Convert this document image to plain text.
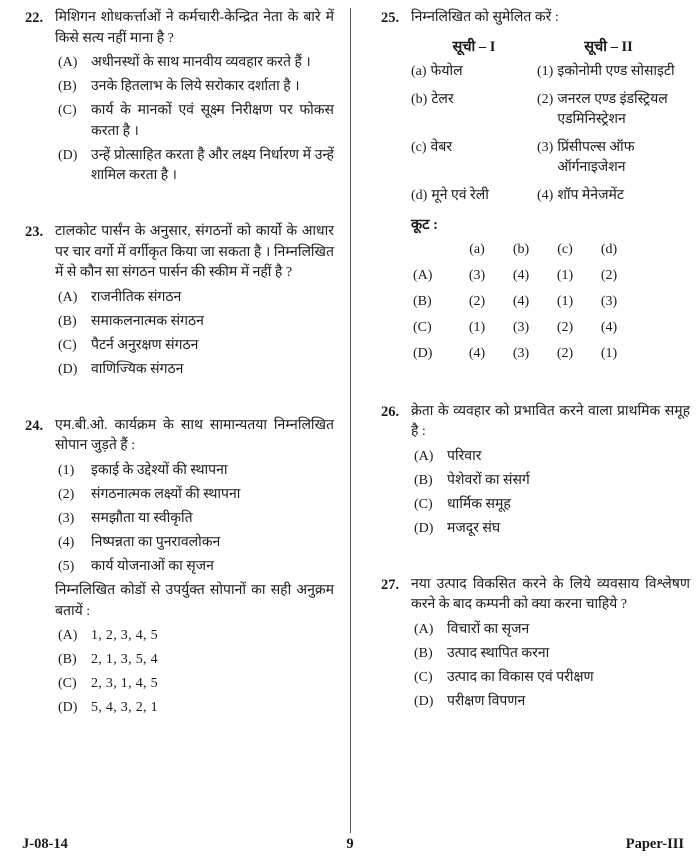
22. मिशिगन शोधकर्त्ताओं ने कर्मचारी-केन्द्रित नेता के बारे में किसे सत्य नहीं माना है ?

(A) अधीनस्थों के साथ मानवीय व्यवहार करते हैं ।
(B)	उनके हितलाभ के लिये सरोकार दर्शाता है ।
(C)	कार्य के मानकों एवं सूक्ष्म निरीक्षण पर फोकस करता है ।
(D) उन्हें प्रोत्साहित करता है और लक्ष्य निर्धारण में उन्हें शामिल करता है ।
23. टालकोट पार्संन के अनुसार, संगठनों को कार्यो के आधार पर चार वर्गो में वर्गीकृत किया जा सकता है । निम्नलिखित में से कौन सा संगठन पार्सन की स्कीम में नहीं है ?

(A) राजनीतिक संगठन
(B)	समाकलनात्मक संगठन
(C)	पैटर्न अनुरक्षण संगठन
(D) वाणिज्यिक संगठन
24. एम.बी.ओ. कार्यक्रम के साथ सामान्यतया निम्नलिखित सोपान जुड़ते हैं :

(1)	इकाई के उद्देश्यों की स्थापना
(2)	संगठनात्मक लक्ष्यों की स्थापना
(3)	समझौता या स्वीकृति
(4)	निष्पन्नता का पुनरावलोकन
(5)	कार्य योजनाओं का सृजन

निम्नलिखित कोडों से उपर्युक्त सोपानों का सही अनुक्रम बतायें :

(A) 1, 2, 3, 4, 5
(B)	2, 1, 3, 5, 4
(C)	2, 3, 1, 4, 5
(D) 5, 4, 3, 2, 1
25. निम्नलिखित को सुमेलित करें :

सूची – I	सूची – II
(a) फेयोल	(1) इकोनोमी एण्ड सोसाइटी
(b) टेलर	(2) जनरल एण्ड इंडस्ट्रियल एडमिनिस्ट्रेशन
(c) वेबर	(3) प्रिंसीपल्स ऑफ ऑर्गनाइजेशन
(d) मूने एवं रेली	(4) शॉप मेनेजमेंट
कूट :
(a)	(b)	(c)	(d)
(A)	(3)	(4)	(1)	(2)
(B)	(2)	(4)	(1)	(3)
(C)	(1)	(3)	(2)	(4)
(D)	(4)	(3)	(2)	(1)
26. क्रेता के व्यवहार को प्रभावित करने वाला प्राथमिक समूह है :

(A) परिवार
(B)	पेशेवरों का संसर्ग
(C)	धार्मिक समूह
(D) मजदूर संघ
27. नया उत्पाद विकसित करने के लिये व्यवसाय विश्लेषण करने के बाद कम्पनी को क्या करना चाहिये ?

(A) विचारों का सृजन
(B)	उत्पाद स्थापित करना
(C)	उत्पाद का विकास एवं परीक्षण
(D) परीक्षण विपणन
J-08-14	9	Paper-III
